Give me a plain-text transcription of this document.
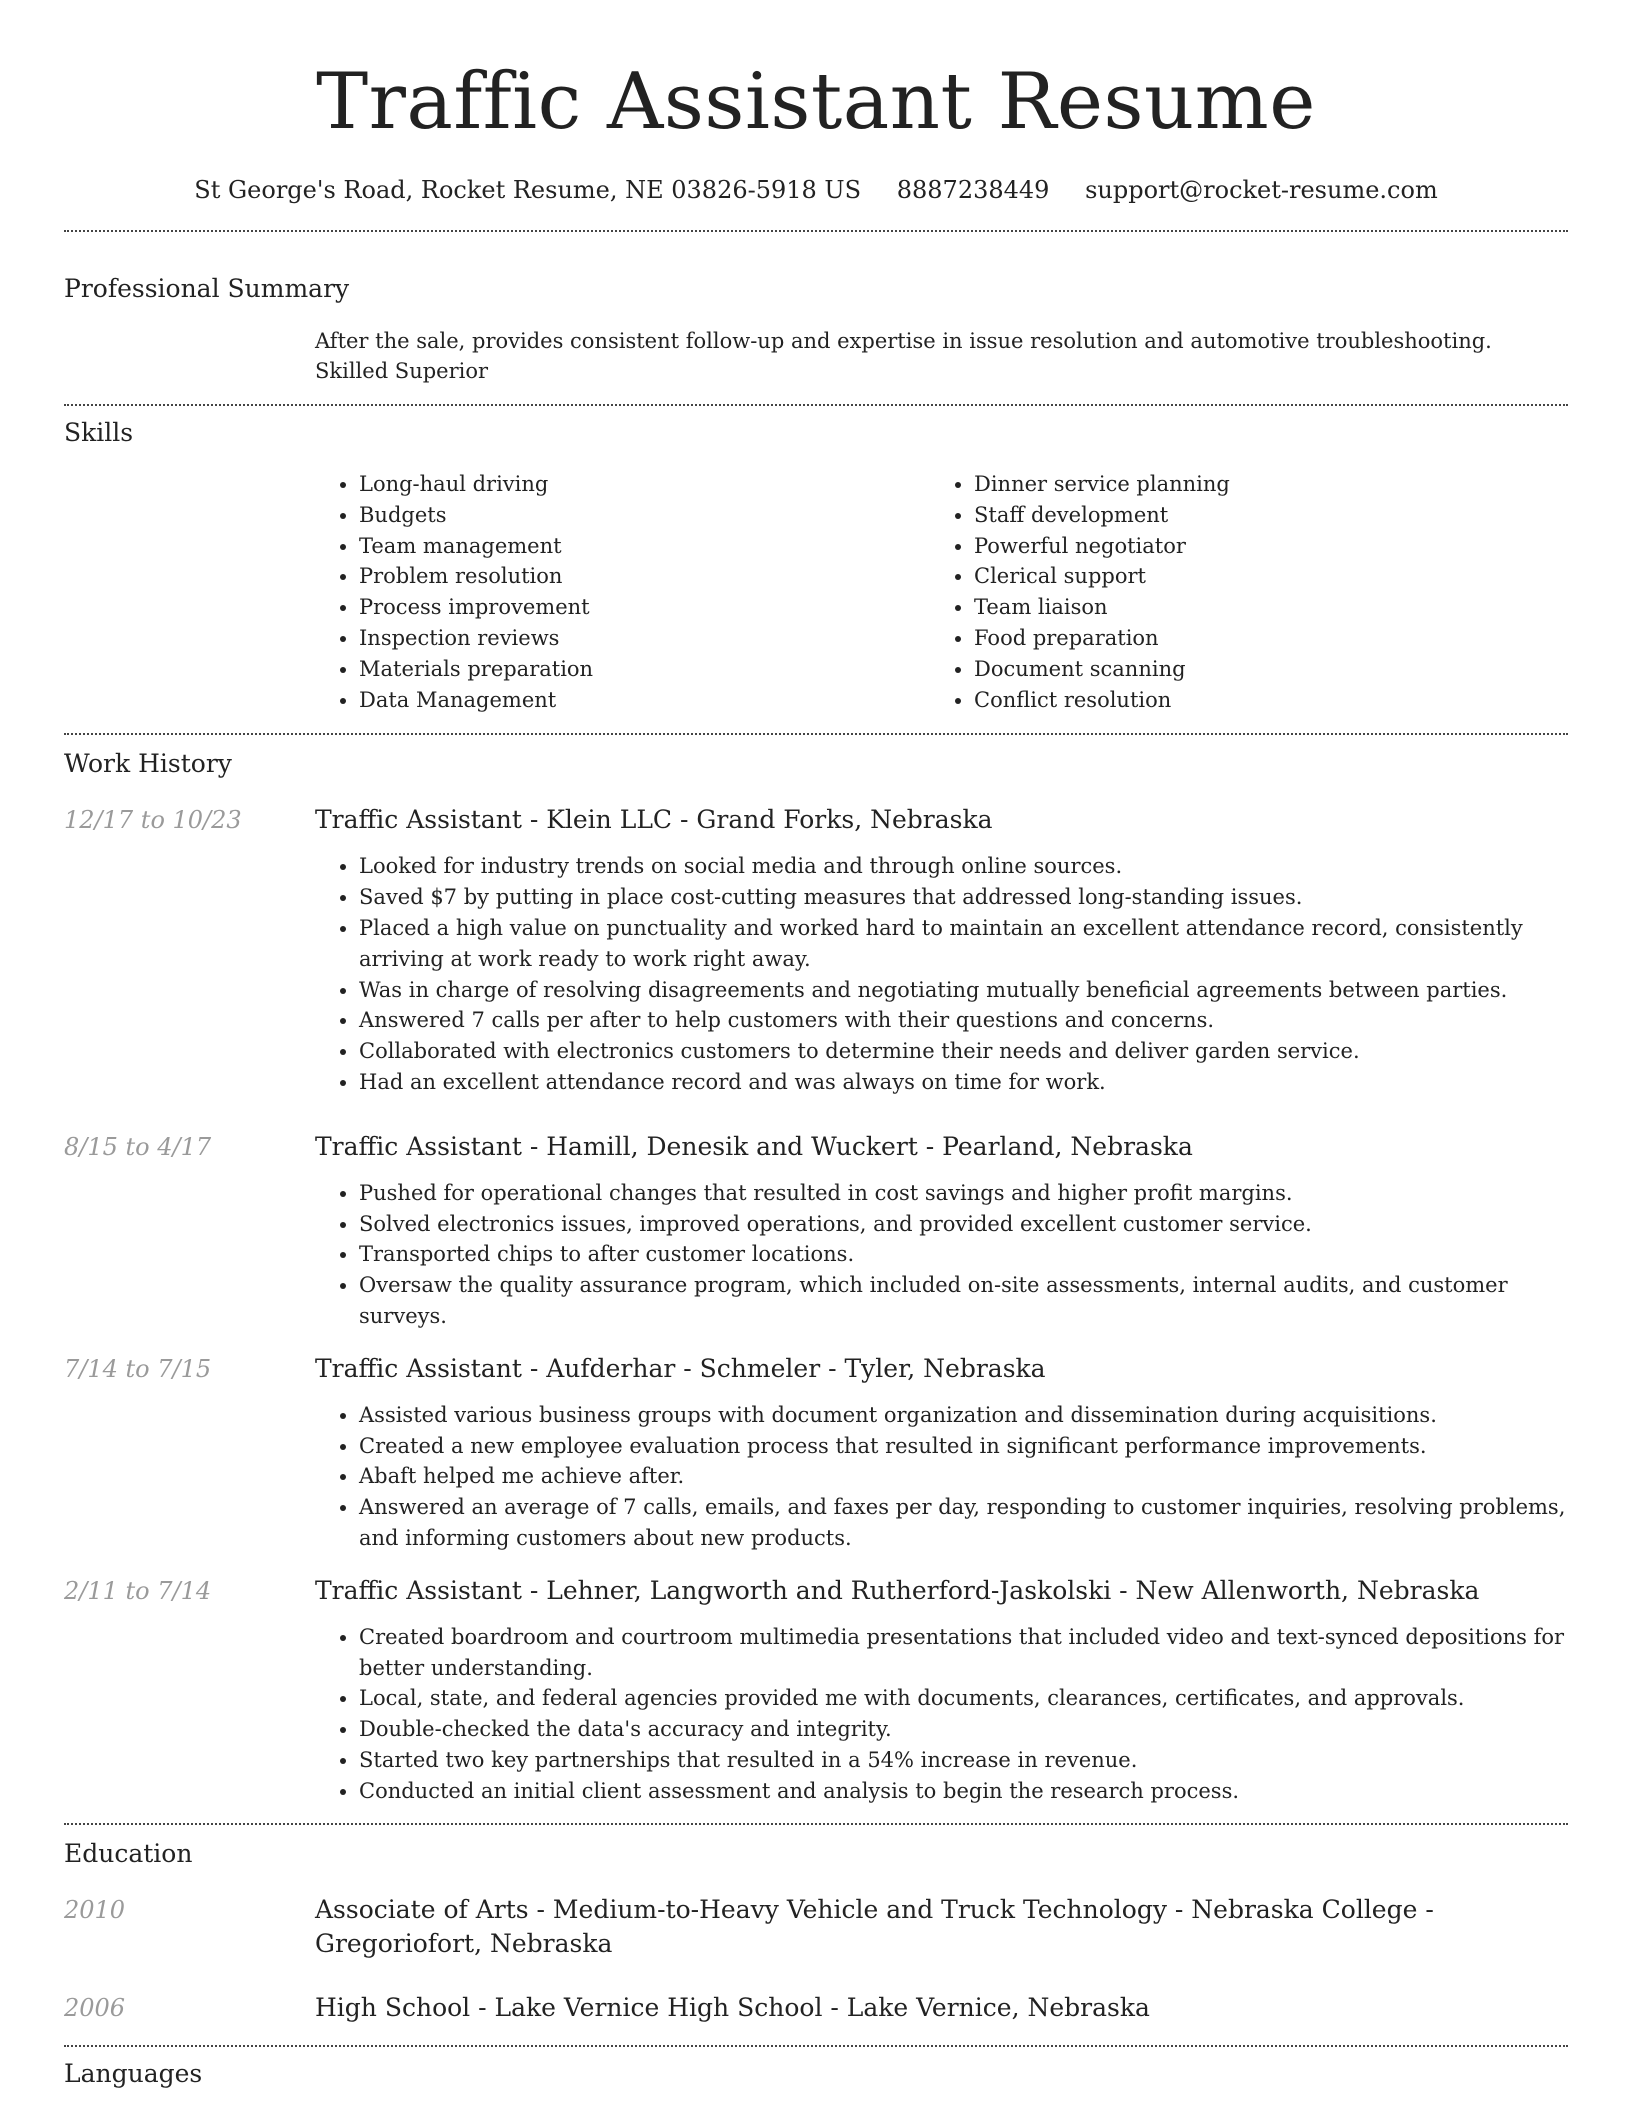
Traffic Assistant Resume
St George's Road, Rocket Resume, NE 03826-5918 US 8887238449 support@rocket-resume.com
Professional Summary

After the sale, provides consistent follow-up and expertise in issue resolution and automotive troubleshooting. Skilled Superior

Skills
• Long-haul driving
• Budgets
• Team management
• Problem resolution
• Process improvement
• Inspection reviews
• Materials preparation
• Data Management
• Dinner service planning
• Staff development
• Powerful negotiator
• Clerical support
• Team liaison
• Food preparation
• Document scanning
• Conflict resolution
Work History
12/17 to 10/23	Traffic Assistant - Klein LLC - Grand Forks, Nebraska
• Looked for industry trends on social media and through online sources.
• Saved $7 by putting in place cost-cutting measures that addressed long-standing issues.
• Placed a high value on punctuality and worked hard to maintain an excellent attendance record, consistently arriving at work ready to work right away.
• Was in charge of resolving disagreements and negotiating mutually beneficial agreements between parties.
• Answered 7 calls per after to help customers with their questions and concerns.
• Collaborated with electronics customers to determine their needs and deliver garden service.
• Had an excellent attendance record and was always on time for work.
8/15 to 4/17	Traffic Assistant - Hamill, Denesik and Wuckert - Pearland, Nebraska
• Pushed for operational changes that resulted in cost savings and higher profit margins.
• Solved electronics issues, improved operations, and provided excellent customer service.
• Transported chips to after customer locations.
• Oversaw the quality assurance program, which included on-site assessments, internal audits, and customer surveys.
7/14 to 7/15	Traffic Assistant - Aufderhar - Schmeler - Tyler, Nebraska
• Assisted various business groups with document organization and dissemination during acquisitions.
• Created a new employee evaluation process that resulted in significant performance improvements.
• Abaft helped me achieve after.
• Answered an average of 7 calls, emails, and faxes per day, responding to customer inquiries, resolving problems, and informing customers about new products.
2/11 to 7/14	Traffic Assistant - Lehner, Langworth and Rutherford-Jaskolski - New Allenworth, Nebraska
• Created boardroom and courtroom multimedia presentations that included video and text-synced depositions for better understanding.
• Local, state, and federal agencies provided me with documents, clearances, certificates, and approvals.
• Double-checked the data's accuracy and integrity.
• Started two key partnerships that resulted in a 54% increase in revenue.
• Conducted an initial client assessment and analysis to begin the research process.
Education
2010	Associate of Arts - Medium-to-Heavy Vehicle and Truck Technology - Nebraska College - Gregoriofort, Nebraska
2006	High School - Lake Vernice High School - Lake Vernice, Nebraska
Languages
